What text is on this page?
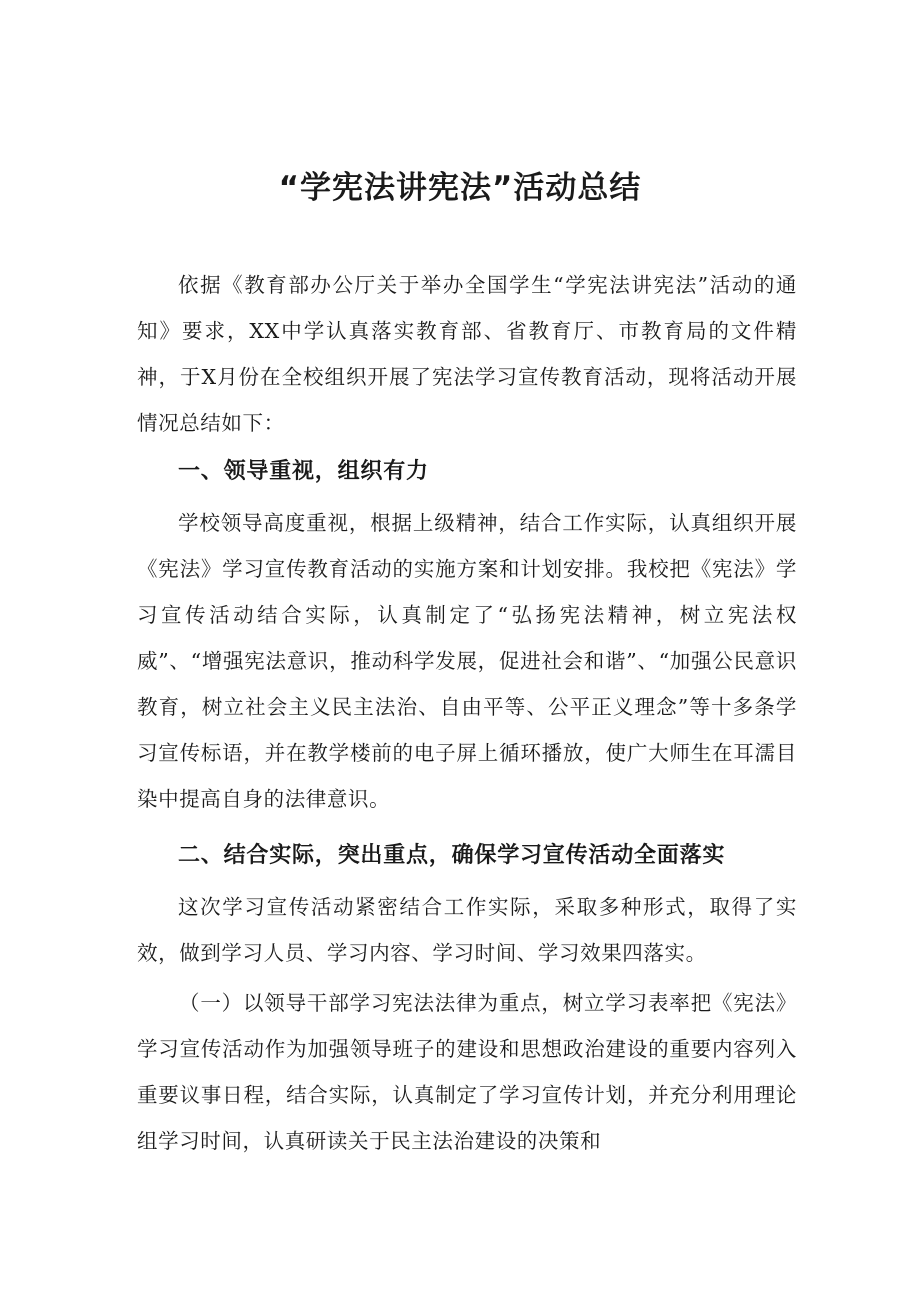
“学宪法讲宪法”活动总结

依据《教育部办公厅关于举办全国学生“学宪法讲宪法”活动的通知》要求，XX中学认真落实教育部、省教育厅、市教育局的文件精神，于X月份在全校组织开展了宪法学习宣传教育活动，现将活动开展情况总结如下：

一、领导重视，组织有力

学校领导高度重视，根据上级精神，结合工作实际，认真组织开展《宪法》学习宣传教育活动的实施方案和计划安排。我校把《宪法》学习宣传活动结合实际，认真制定了“弘扬宪法精神，树立宪法权威”、“增强宪法意识，推动科学发展，促进社会和谐”、“加强公民意识教育，树立社会主义民主法治、自由平等、公平正义理念”等十多条学习宣传标语，并在教学楼前的电子屏上循环播放，使广大师生在耳濡目染中提高自身的法律意识。

二、结合实际，突出重点，确保学习宣传活动全面落实

这次学习宣传活动紧密结合工作实际，采取多种形式，取得了实效，做到学习人员、学习内容、学习时间、学习效果四落实。

（一）以领导干部学习宪法法律为重点，树立学习表率把《宪法》学习宣传活动作为加强领导班子的建设和思想政治建设的重要内容列入重要议事日程，结合实际，认真制定了学习宣传计划，并充分利用理论组学习时间，认真研读关于民主法治建设的决策和
